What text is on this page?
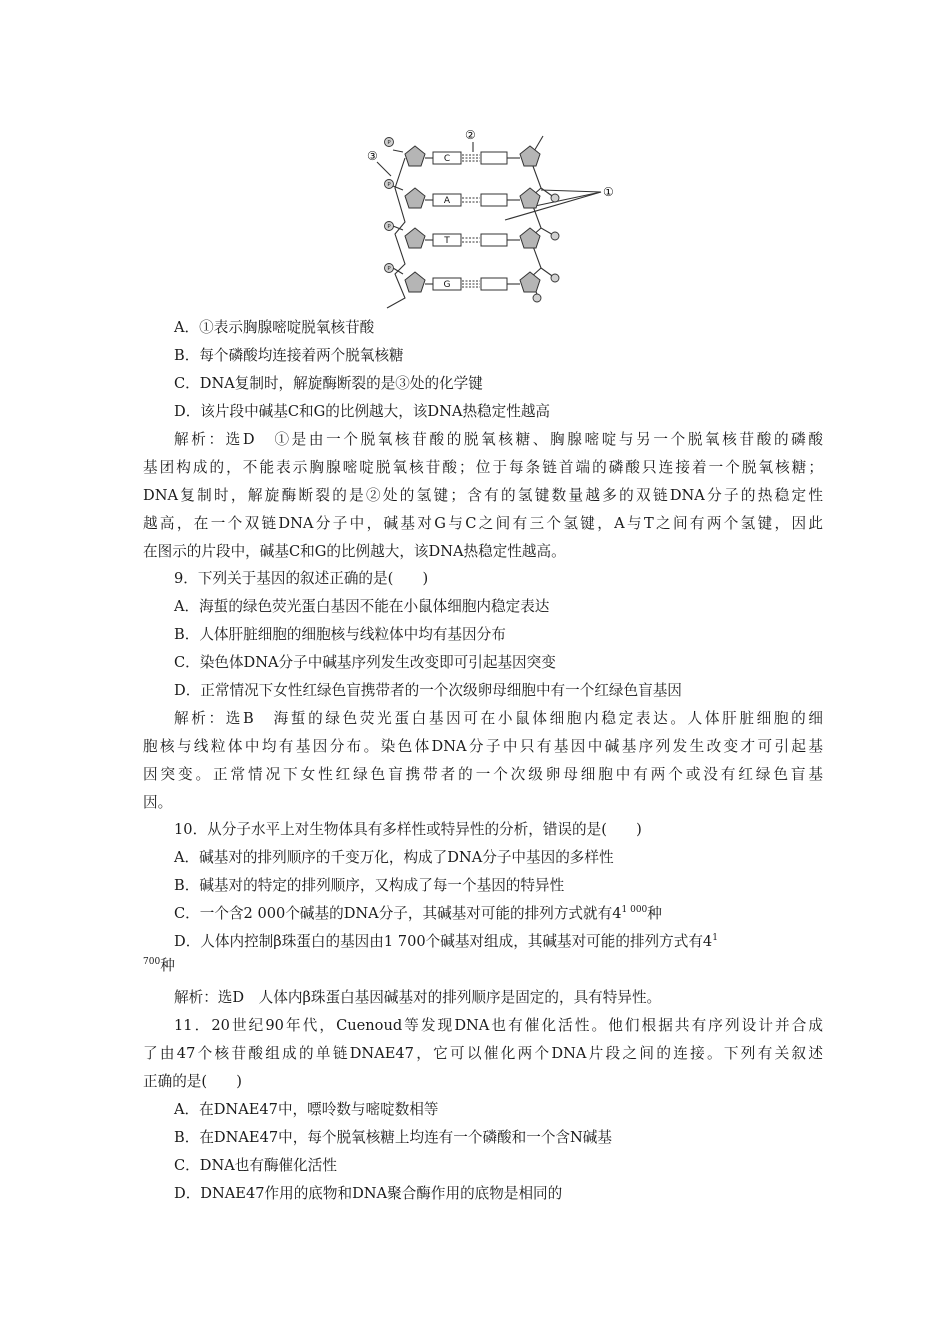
P
P
P
P
C
A
T
G
②
③
①
A．①表示胸腺嘧啶脱氧核苷酸
B．每个磷酸均连接着两个脱氧核糖
C．DNA复制时，解旋酶断裂的是③处的化学键
D．该片段中碱基C和G的比例越大，该DNA热稳定性越高
解析：选D　①是由一个脱氧核苷酸的脱氧核糖、胸腺嘧啶与另一个脱氧核苷酸的磷酸
基团构成的，不能表示胸腺嘧啶脱氧核苷酸；位于每条链首端的磷酸只连接着一个脱氧核糖；
DNA复制时，解旋酶断裂的是②处的氢键；含有的氢键数量越多的双链DNA分子的热稳定性
越高，在一个双链DNA分子中，碱基对G与C之间有三个氢键，A与T之间有两个氢键，因此
在图示的片段中，碱基C和G的比例越大，该DNA热稳定性越高。
9．下列关于基因的叙述正确的是(　　)
A．海蜇的绿色荧光蛋白基因不能在小鼠体细胞内稳定表达
B．人体肝脏细胞的细胞核与线粒体中均有基因分布
C．染色体DNA分子中碱基序列发生改变即可引起基因突变
D．正常情况下女性红绿色盲携带者的一个次级卵母细胞中有一个红绿色盲基因
解析：选B　海蜇的绿色荧光蛋白基因可在小鼠体细胞内稳定表达。人体肝脏细胞的细
胞核与线粒体中均有基因分布。染色体DNA分子中只有基因中碱基序列发生改变才可引起基
因突变。正常情况下女性红绿色盲携带者的一个次级卵母细胞中有两个或没有红绿色盲基
因。
10．从分子水平上对生物体具有多样性或特异性的分析，错误的是(　　)
A．碱基对的排列顺序的千变万化，构成了DNA分子中基因的多样性
B．碱基对的特定的排列顺序，又构成了每一个基因的特异性
C．一个含2 000个碱基的DNA分子，其碱基对可能的排列方式就有$4^{1 000}$种
D．人体内控制β珠蛋白的基因由1 700个碱基对组成，其碱基对可能的排列方式有$4^1$
$^{700}$种
解析：选D　人体内β珠蛋白基因碱基对的排列顺序是固定的，具有特异性。
11．20世纪90年代，Cuenoud等发现DNA也有催化活性。他们根据共有序列设计并合成
了由47个核苷酸组成的单链DNAE47，它可以催化两个DNA片段之间的连接。下列有关叙述
正确的是(　　)
A．在DNAE47中，嘌呤数与嘧啶数相等
B．在DNAE47中，每个脱氧核糖上均连有一个磷酸和一个含N碱基
C．DNA也有酶催化活性
D．DNAE47作用的底物和DNA聚合酶作用的底物是相同的
